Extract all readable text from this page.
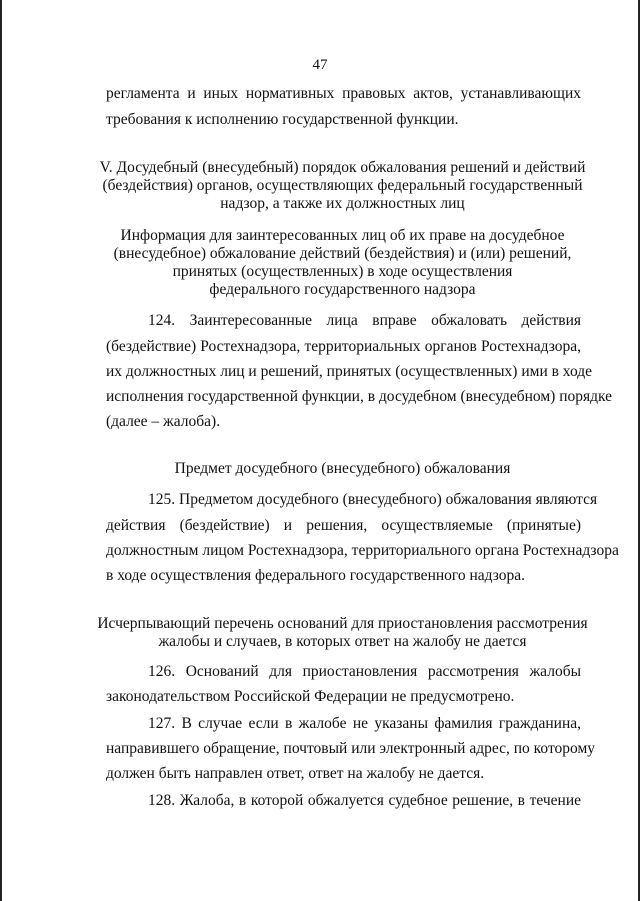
47
регламента и иных нормативных правовых актов, устанавливающих
требования к исполнению государственной функции.
V. Досудебный (внесудебный) порядок обжалования решений и действий
(бездействия) органов, осуществляющих федеральный государственный
надзор, а также их должностных лиц
Информация для заинтересованных лиц об их праве на досудебное
(внесудебное) обжалование действий (бездействия) и (или) решений,
принятых (осуществленных) в ходе осуществления
федерального государственного надзора
124. Заинтересованные лица вправе обжаловать действия
(бездействие) Ростехнадзора, территориальных органов Ростехнадзора,
их должностных лиц и решений, принятых (осуществленных) ими в ходе
исполнения государственной функции, в досудебном (внесудебном) порядке
(далее – жалоба).
Предмет досудебного (внесудебного) обжалования
125. Предметом досудебного (внесудебного) обжалования являются
действия (бездействие) и решения, осуществляемые (принятые)
должностным лицом Ростехнадзора, территориального органа Ростехнадзора
в ходе осуществления федерального государственного надзора.
Исчерпывающий перечень оснований для приостановления рассмотрения
жалобы и случаев, в которых ответ на жалобу не дается
126. Оснований для приостановления рассмотрения жалобы
законодательством Российской Федерации не предусмотрено.
127. В случае если в жалобе не указаны фамилия гражданина,
направившего обращение, почтовый или электронный адрес, по которому
должен быть направлен ответ, ответ на жалобу не дается.
128. Жалоба, в которой обжалуется судебное решение, в течение
